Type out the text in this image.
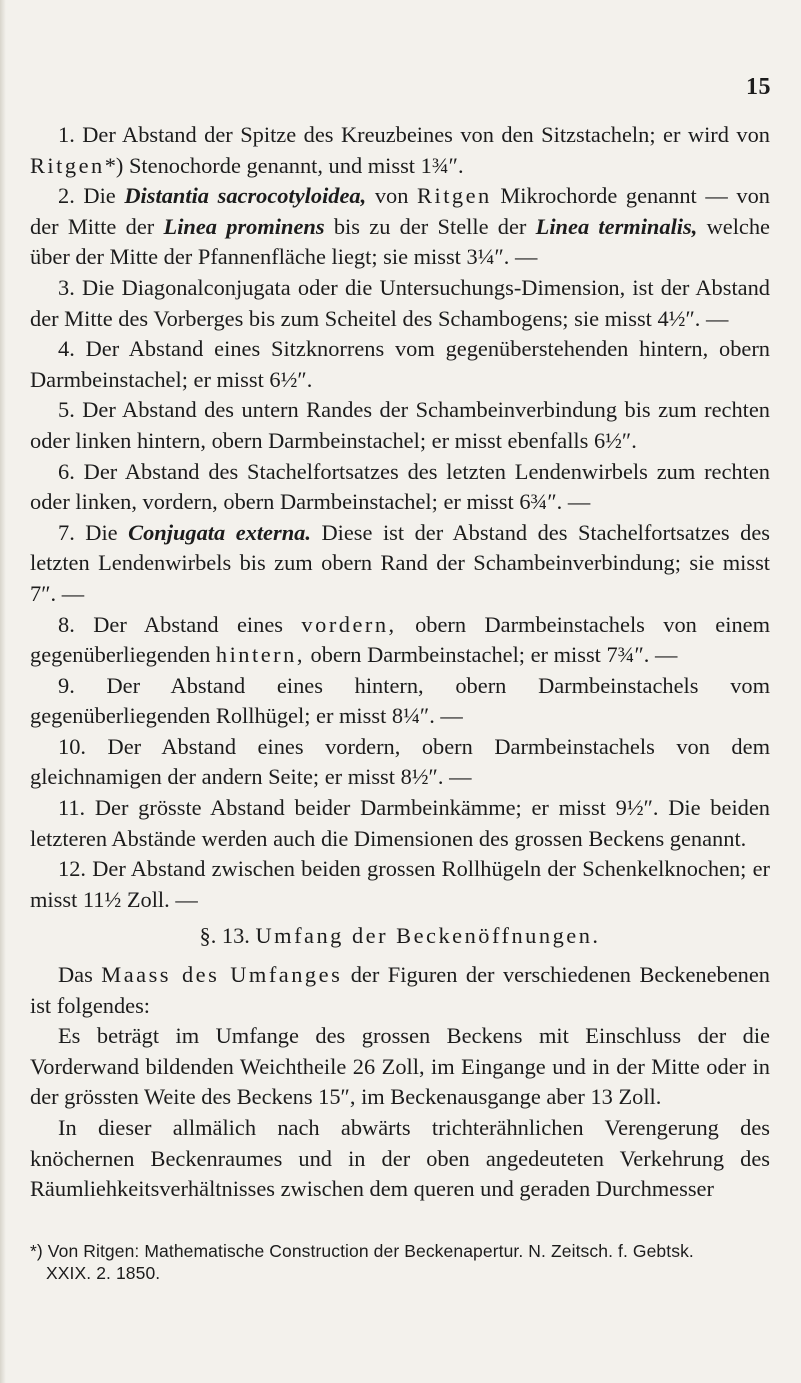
15

1. Der Abstand der Spitze des Kreuzbeines von den Sitzstacheln; er wird von Ritgen*) Stenochorde genannt, und misst 1¾″.

2. Die Distantia sacrocotyloidea, von Ritgen Mikrochorde genannt — von der Mitte der Linea prominens bis zu der Stelle der Linea terminalis, welche über der Mitte der Pfannenfläche liegt; sie misst 3¼″. —

3. Die Diagonalconjugata oder die Untersuchungs-Dimension, ist der Abstand der Mitte des Vorberges bis zum Scheitel des Schambogens; sie misst 4½″. —

4. Der Abstand eines Sitzknorrens vom gegenüberstehenden hintern, obern Darmbeinstachel; er misst 6½″.

5. Der Abstand des untern Randes der Schambeinverbindung bis zum rechten oder linken hintern, obern Darmbeinstachel; er misst ebenfalls 6½″.

6. Der Abstand des Stachelfortsatzes des letzten Lendenwirbels zum rechten oder linken, vordern, obern Darmbeinstachel; er misst 6¾″. —

7. Die Conjugata externa. Diese ist der Abstand des Stachelfortsatzes des letzten Lendenwirbels bis zum obern Rand der Schambeinverbindung; sie misst 7″. —

8. Der Abstand eines vordern, obern Darmbeinstachels von einem gegenüberliegenden hintern, obern Darmbeinstachel; er misst 7¾″. —

9. Der Abstand eines hintern, obern Darmbeinstachels vom gegenüberliegenden Rollhügel; er misst 8¼″. —

10. Der Abstand eines vordern, obern Darmbeinstachels von dem gleichnamigen der andern Seite; er misst 8½″. —

11. Der grösste Abstand beider Darmbeinkämme; er misst 9½″. Die beiden letzteren Abstände werden auch die Dimensionen des grossen Beckens genannt.

12. Der Abstand zwischen beiden grossen Rollhügeln der Schenkelknochen; er misst 11½ Zoll. —

§. 13. Umfang der Beckenöffnungen.

Das Maass des Umfanges der Figuren der verschiedenen Beckenebenen ist folgendes:

Es beträgt im Umfange des grossen Beckens mit Einschluss der die Vorderwand bildenden Weichtheile 26 Zoll, im Eingange und in der Mitte oder in der grössten Weite des Beckens 15″, im Beckenausgange aber 13 Zoll.

In dieser allmälich nach abwärts trichterähnlichen Verengerung des knöchernen Beckenraumes und in der oben angedeuteten Verkehrung des Räumliehkeitsverhältnisses zwischen dem queren und geraden Durchmesser

*) Von Ritgen: Mathematische Construction der Beckenapertur. N. Zeitsch. f. Gebtsk.
XXIX. 2. 1850.
